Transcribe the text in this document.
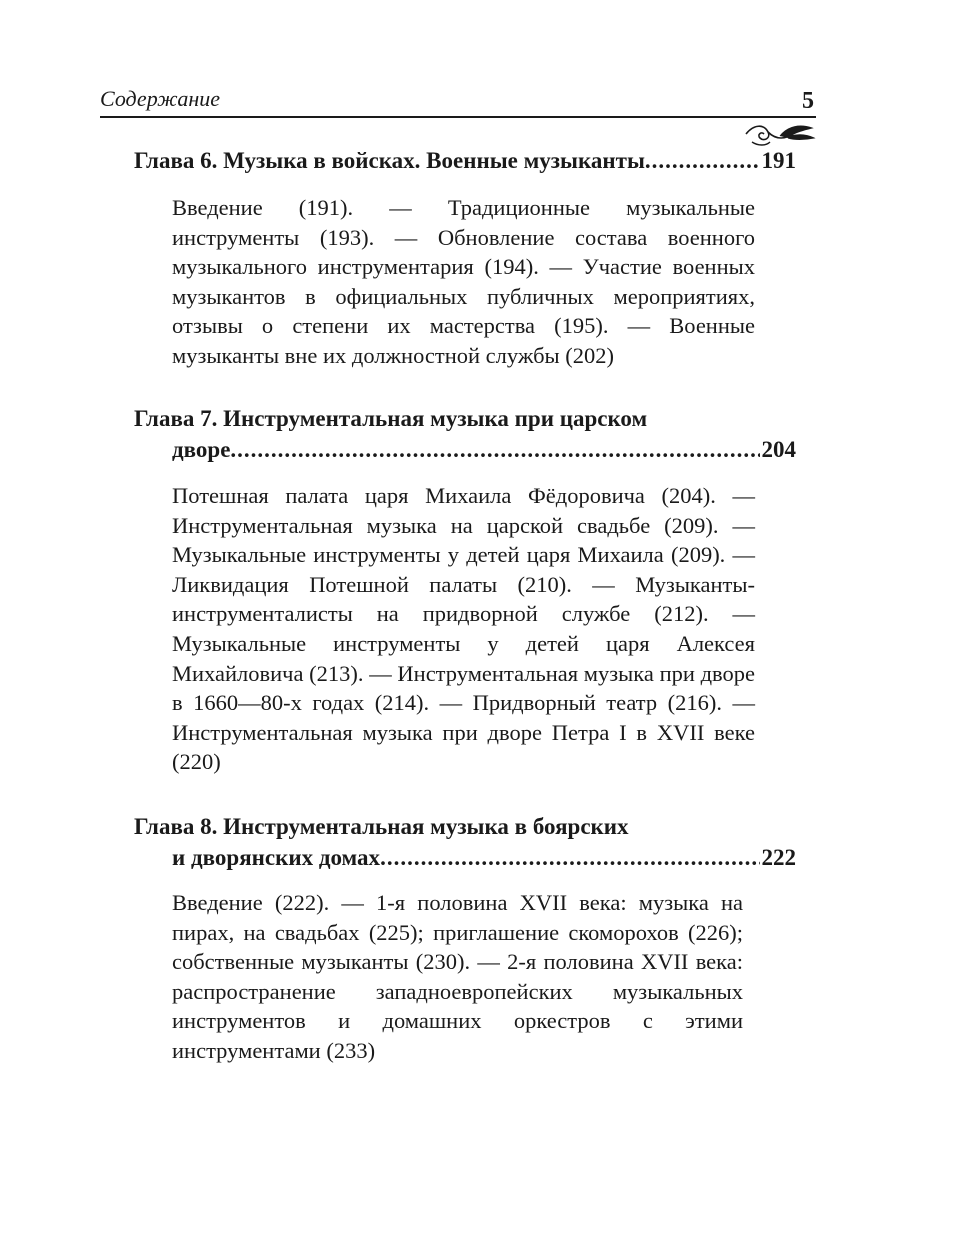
Содержание	5
Глава 6. Музыка в войсках. Военные музыканты .....	191
Введение (191). — Традиционные музыкальные инструменты (193). — Обновление состава военного музыкального инструментария (194). — Участие военных музыкантов в официальных публичных мероприятиях, отзывы о степени их мастерства (195). — Военные музыканты вне их должностной службы (202)
Глава 7. Инструментальная музыка при царском
дворе .....	204
Потешная палата царя Михаила Фёдоровича (204). — Инструментальная музыка на царской свадьбе (209). — Музыкальные инструменты у детей царя Михаила (209). — Ликвидация Потешной палаты (210). — Музыканты-инструменталисты на придворной службе (212). — Музыкальные инструменты у детей царя Алексея Михайловича (213). — Инструментальная музыка при дворе в 1660—80-х годах (214). — Придворный театр (216). — Инструментальная музыка при дворе Петра I в XVII веке (220)
Глава 8. Инструментальная музыка в боярских
и дворянских домах .....	222
Введение (222). — 1-я половина XVII века: музыка на пирах, на свадьбах (225); приглашение скоморохов (226); собственные музыканты (230). — 2-я половина XVII века: распространение западноевропейских музыкальных инструментов и домашних оркестров с этими инструментами (233)
